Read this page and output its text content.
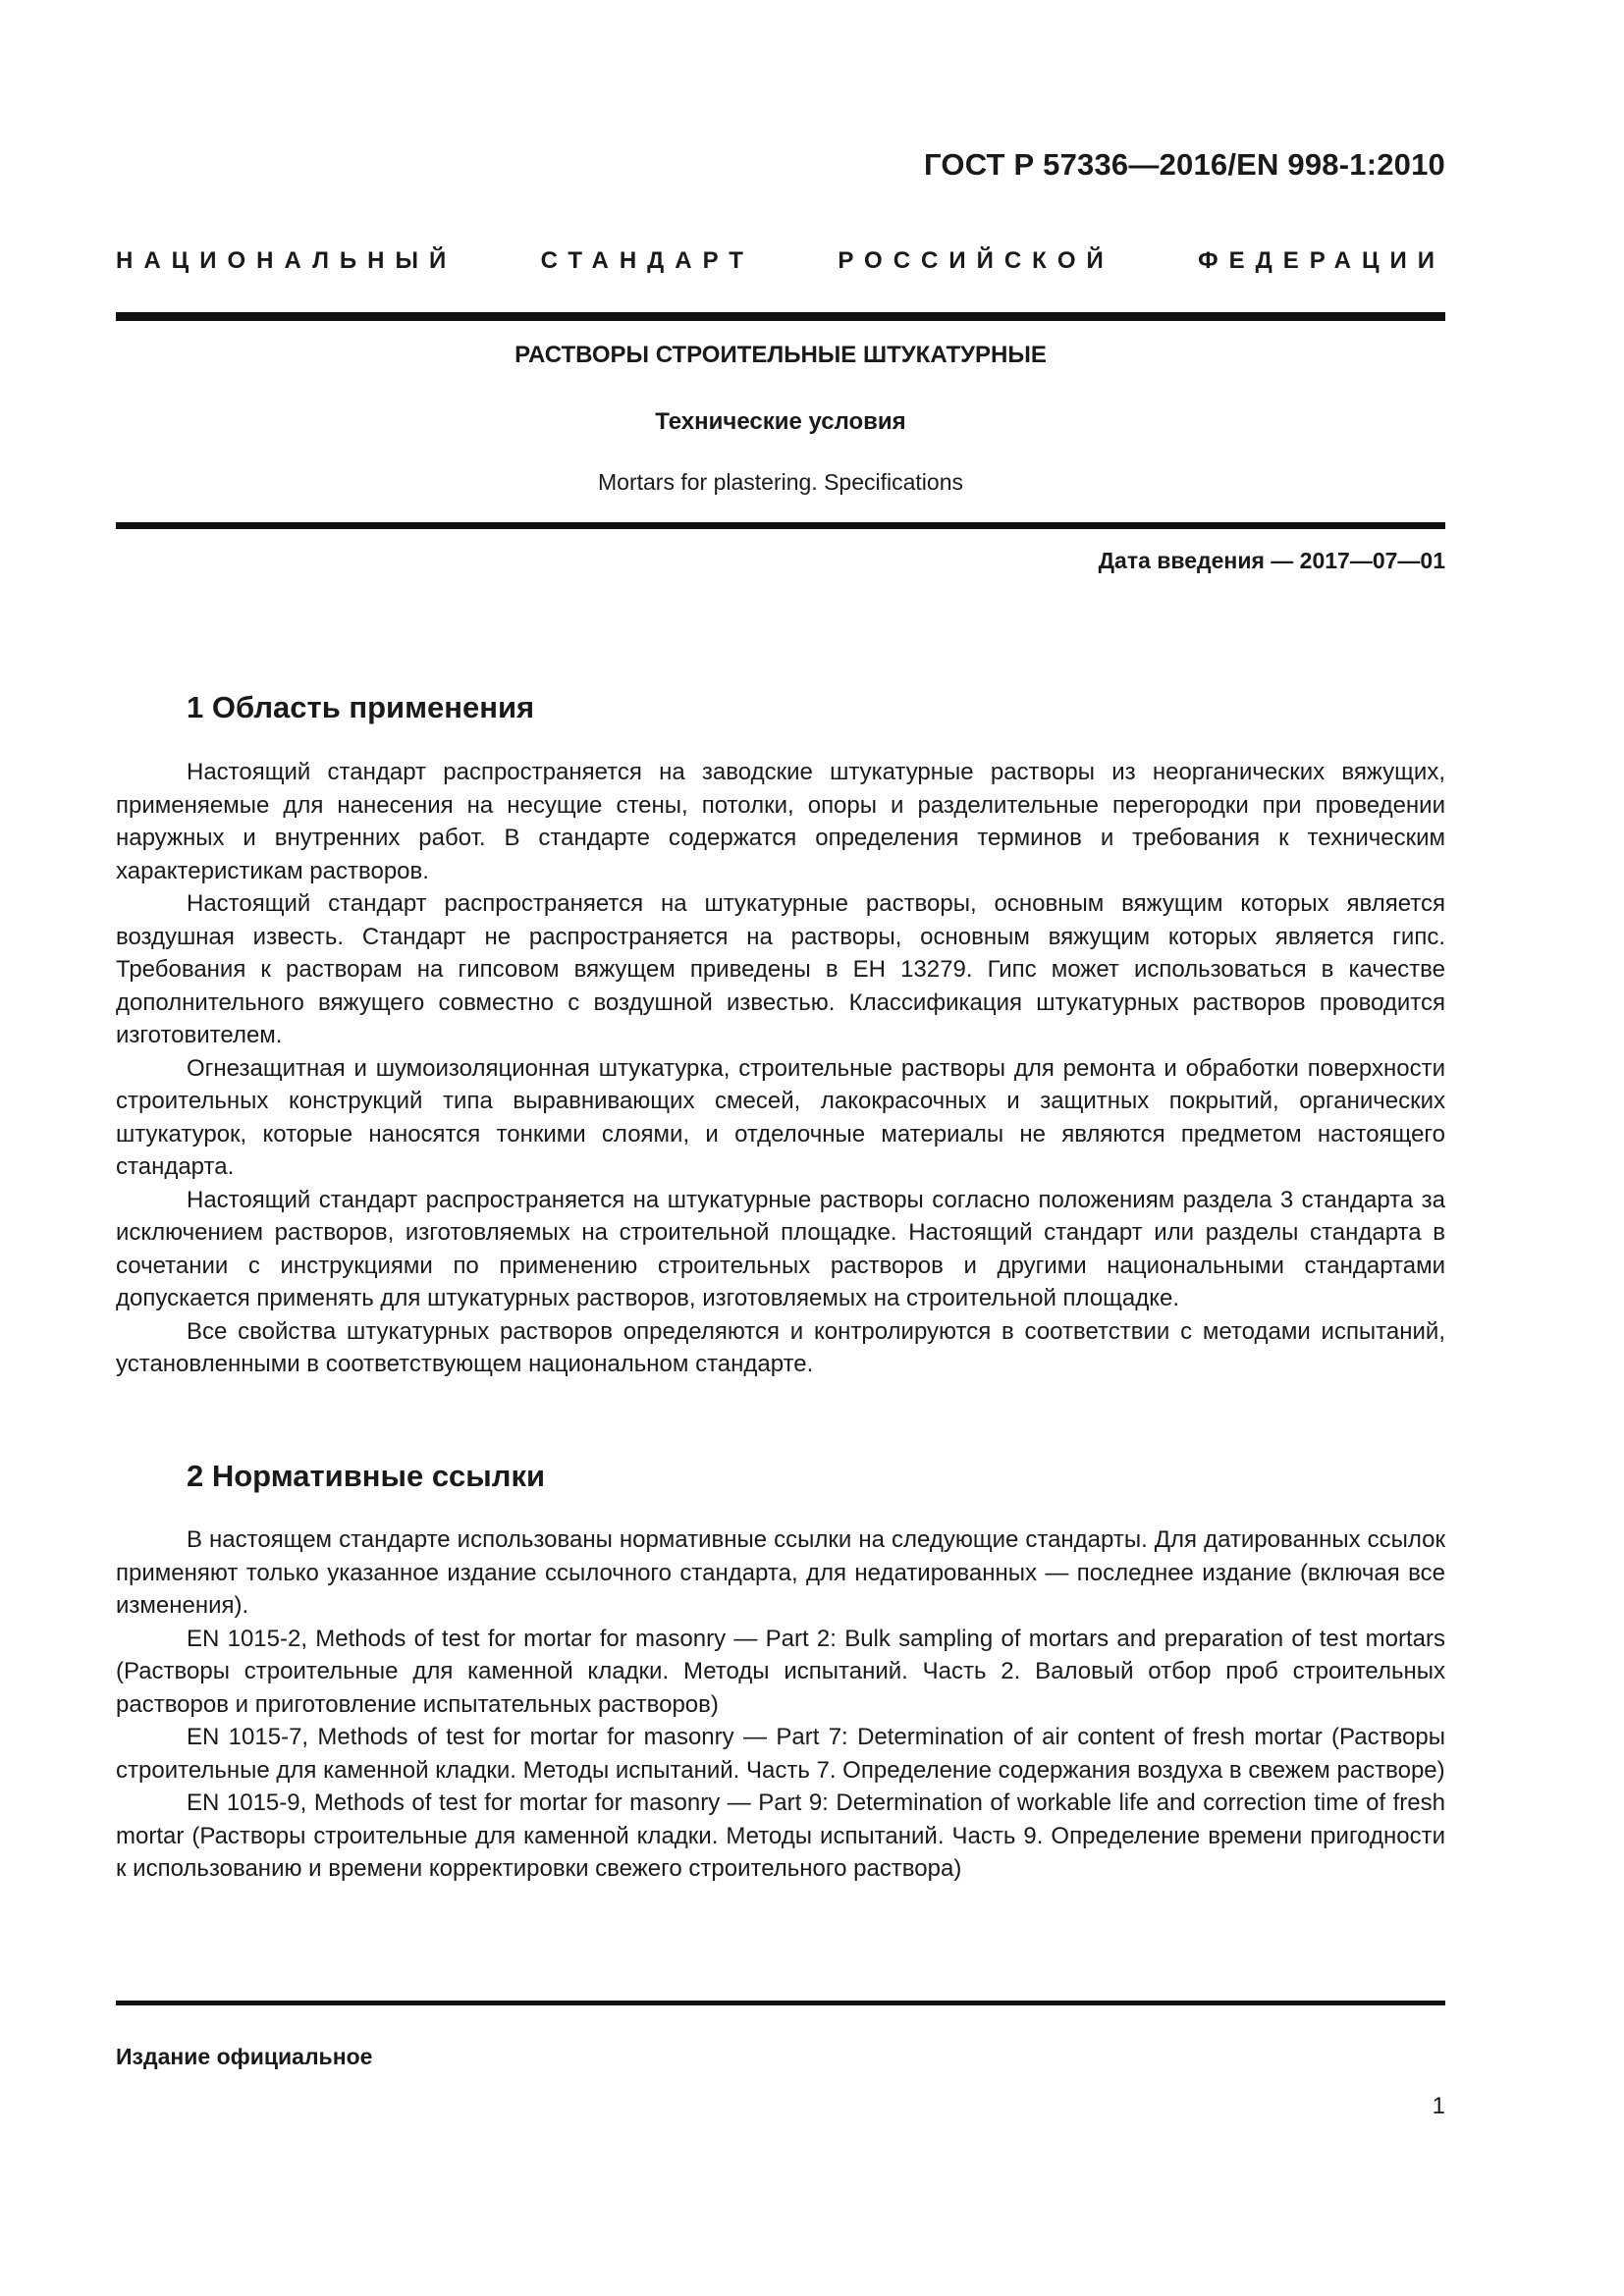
ГОСТ Р 57336—2016/EN 998-1:2010
НАЦИОНАЛЬНЫЙ СТАНДАРТ РОССИЙСКОЙ ФЕДЕРАЦИИ
РАСТВОРЫ СТРОИТЕЛЬНЫЕ ШТУКАТУРНЫЕ
Технические условия
Mortars for plastering. Specifications
Дата введения — 2017—07—01
1 Область применения

Настоящий стандарт распространяется на заводские штукатурные растворы из неорганических вяжущих, применяемые для нанесения на несущие стены, потолки, опоры и разделительные перегородки при проведении наружных и внутренних работ. В стандарте содержатся определения терминов и требования к техническим характеристикам растворов.

Настоящий стандарт распространяется на штукатурные растворы, основным вяжущим которых является воздушная известь. Стандарт не распространяется на растворы, основным вяжущим которых является гипс. Требования к растворам на гипсовом вяжущем приведены в ЕН 13279. Гипс может использоваться в качестве дополнительного вяжущего совместно с воздушной известью. Классификация штукатурных растворов проводится изготовителем.

Огнезащитная и шумоизоляционная штукатурка, строительные растворы для ремонта и обработки поверхности строительных конструкций типа выравнивающих смесей, лакокрасочных и защитных покрытий, органических штукатурок, которые наносятся тонкими слоями, и отделочные материалы не являются предметом настоящего стандарта.

Настоящий стандарт распространяется на штукатурные растворы согласно положениям раздела 3 стандарта за исключением растворов, изготовляемых на строительной площадке. Настоящий стандарт или разделы стандарта в сочетании с инструкциями по применению строительных растворов и другими национальными стандартами допускается применять для штукатурных растворов, изготовляемых на строительной площадке.

Все свойства штукатурных растворов определяются и контролируются в соответствии с методами испытаний, установленными в соответствующем национальном стандарте.

2 Нормативные ссылки

В настоящем стандарте использованы нормативные ссылки на следующие стандарты. Для датированных ссылок применяют только указанное издание ссылочного стандарта, для недатированных — последнее издание (включая все изменения).

EN 1015-2, Methods of test for mortar for masonry — Part 2: Bulk sampling of mortars and preparation of test mortars (Растворы строительные для каменной кладки. Методы испытаний. Часть 2. Валовый отбор проб строительных растворов и приготовление испытательных растворов)

EN 1015-7, Methods of test for mortar for masonry — Part 7: Determination of air content of fresh mortar (Растворы строительные для каменной кладки. Методы испытаний. Часть 7. Определение содержания воздуха в свежем растворе)

EN 1015-9, Methods of test for mortar for masonry — Part 9: Determination of workable life and correction time of fresh mortar (Растворы строительные для каменной кладки. Методы испытаний. Часть 9. Определение времени пригодности к использованию и времени корректировки свежего строительного раствора)

Издание официальное
1
